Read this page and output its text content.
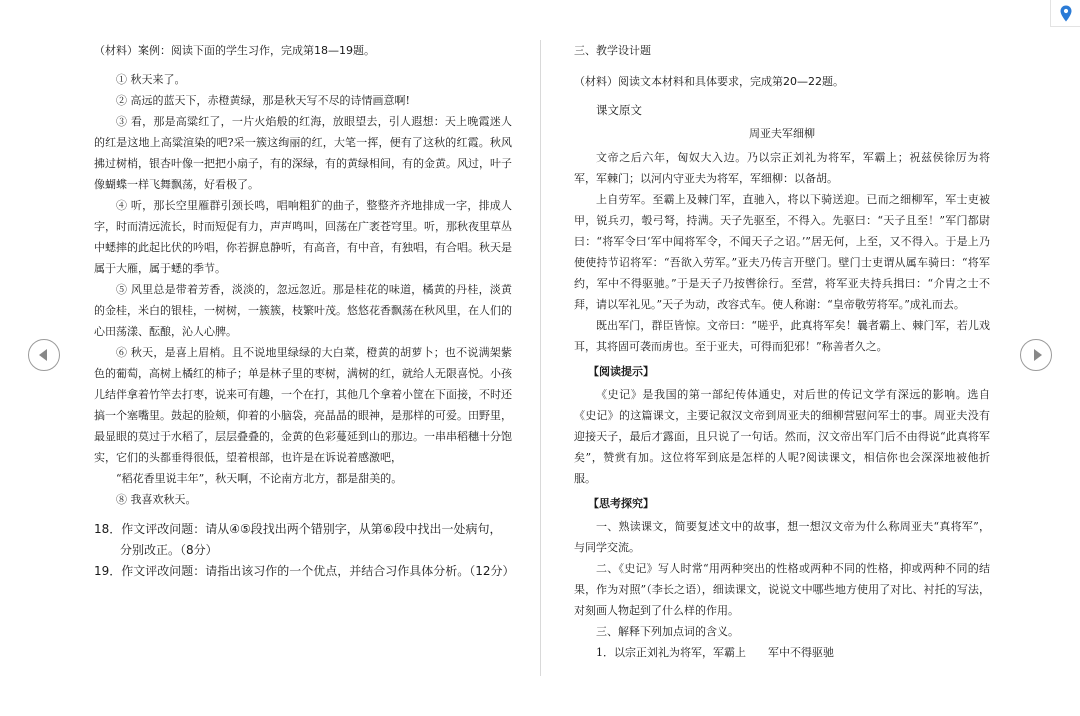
（材料）案例：阅读下面的学生习作，完成第18—19题。

① 秋天来了。

② 高远的蓝天下，赤橙黄绿，那是秋天写不尽的诗情画意啊!

③ 看，那是高粱红了，一片火焰般的红海，放眼望去，引人遐想：天上晚霞迷人的红是这地上高粱渲染的吧?采一簇这绚丽的红，大笔一挥，便有了这秋的红霞。秋风拂过树梢，银杏叶像一把把小扇子，有的深绿，有的黄绿相间，有的金黄。风过，叶子像蝴蝶一样飞舞飘荡，好看极了。

④ 听，那长空里雁群引颈长鸣，唱响粗犷的曲子，整整齐齐地排成一字，排成人字，时而清远流长，时而短促有力，声声鸣叫，回荡在广袤苍穹里。听，那秋夜里草丛中蟋摔的此起比伏的吟唱，你若摒息静听，有高音，有中音，有独唱，有合唱。秋天是属于大雁，属于蟋的季节。

⑤ 风里总是带着芳香，淡淡的，忽远忽近。那是桂花的味道，橘黄的丹桂，淡黄的金桂，米白的银桂，一树树，一簇簇，枝繁叶茂。悠悠花香飘荡在秋风里，在人们的心田荡漾、酝酿，沁人心脾。

⑥ 秋天，是喜上眉梢。且不说地里绿绿的大白菜，橙黄的胡萝卜；也不说满架紫色的葡萄，高树上橘红的柿子；单是林子里的枣树，满树的红，就给人无限喜悦。小孩儿结伴拿着竹竿去打枣，说来可有趣，一个在打，其他几个拿着小筐在下面接，不时还搞一个塞嘴里。鼓起的脸颊，仰着的小脑袋，亮晶晶的眼神，是那样的可爱。田野里，最显眼的莫过于水稻了，层层叠叠的，金黄的色彩蔓延到山的那边。一串串稻穗十分饱实，它们的头都垂得很低，望着根部，也许是在诉说着感激吧，

“稻花香里说丰年”，秋天啊，不论南方北方，都是甜美的。

⑧ 我喜欢秋天。

18．作文评改问题：请从④⑤段找出两个错别字，从第⑥段中找出一处病句，分别改正。（8分）

19．作文评改问题：请指出该习作的一个优点，并结合习作具体分析。（12分）

三、教学设计题

（材料）阅读文本材料和具体要求，完成第20—22题。

课文原文

周亚夫军细柳

文帝之后六年，匈奴大入边。乃以宗正刘礼为将军，军霸上；祝兹侯徐厉为将军，军棘门；以河内守亚夫为将军，军细柳：以备胡。

上自劳军。至霸上及棘门军，直驰入，将以下骑送迎。已而之细柳军，军士吏被甲，锐兵刃，彀弓弩，持满。天子先驱至，不得入。先驱曰：“天子且至！”军门都尉曰：“将军令曰‘军中闻将军令，不闻天子之诏。’”居无何，上至，又不得入。于是上乃使使持节诏将军：“吾欲入劳军。”亚夫乃传言开壁门。壁门士吏谓从属车骑曰：“将军约，军中不得驱驰。”于是天子乃按辔徐行。至营，将军亚夫持兵揖曰：“介胄之士不拜，请以军礼见。”天子为动，改容式车。使人称谢：“皇帝敬劳将军。”成礼而去。

既出军门，群臣皆惊。文帝曰：“嗟乎，此真将军矣！曩者霸上、棘门军，若儿戏耳，其将固可袭而虏也。至于亚夫，可得而犯邪！”称善者久之。

【阅读提示】

《史记》是我国的第一部纪传体通史，对后世的传记文学有深远的影响。选自《史记》的这篇课文，主要记叙汉文帝到周亚夫的细柳营慰问军士的事。周亚夫没有迎接天子，最后才露面，且只说了一句话。然而，汉文帝出军门后不由得说“此真将军矣”，赞赏有加。这位将军到底是怎样的人呢?阅读课文，相信你也会深深地被他折服。

【思考探究】

一、熟读课文，简要复述文中的故事，想一想汉文帝为什么称周亚夫“真将军”，与同学交流。

二、《史记》写人时常“用两种突出的性格或两种不同的性格，抑或两种不同的结果，作为对照”（李长之语），细读课文，说说文中哪些地方使用了对比、衬托的写法，对刻画人物起到了什么样的作用。

三、解释下列加点词的含义。

1．以宗正刘礼为将军，军霸上　　军中不得驱驰
